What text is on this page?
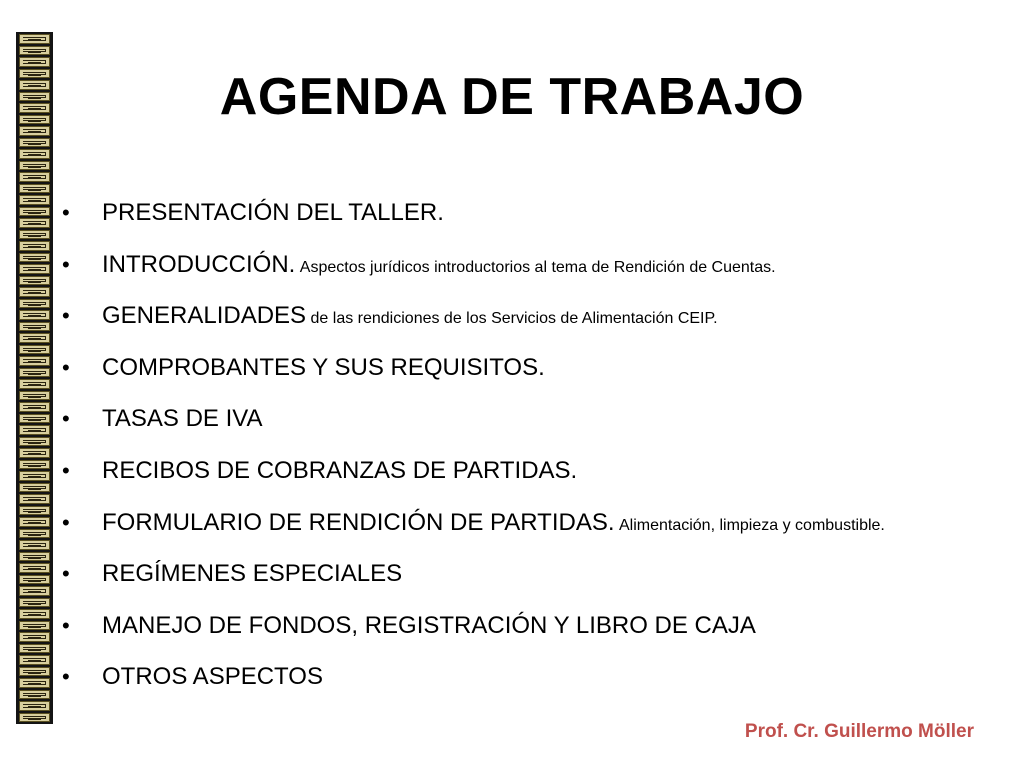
AGENDA DE TRABAJO
•	PRESENTACIÓN DEL TALLER.
•	INTRODUCCIÓN.
Aspectos jurídicos introductorios al tema de Rendición de Cuentas.
•	GENERALIDADES
de las rendiciones de los Servicios de Alimentación CEIP.
•	COMPROBANTES Y SUS REQUISITOS.
•	TASAS DE IVA
•	RECIBOS DE COBRANZAS DE PARTIDAS.
•	FORMULARIO DE RENDICIÓN DE PARTIDAS.
Alimentación, limpieza y combustible.
•	REGÍMENES ESPECIALES
•	MANEJO DE FONDOS, REGISTRACIÓN Y LIBRO DE CAJA
•	OTROS ASPECTOS
Prof. Cr. Guillermo Möller
